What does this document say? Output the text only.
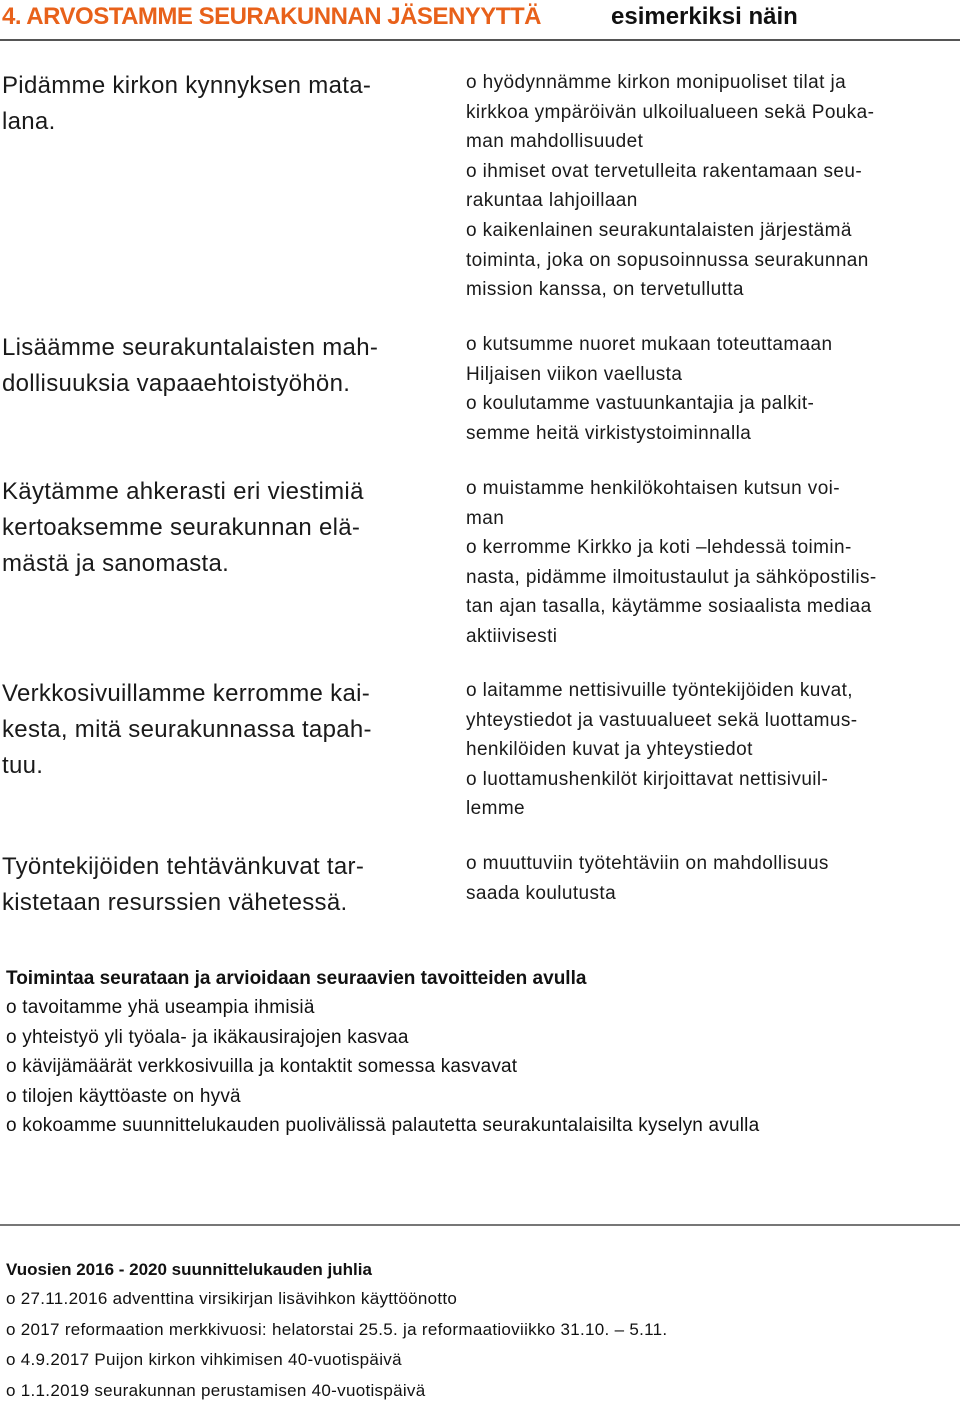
4. ARVOSTAMME SEURAKUNNAN JÄSENYYTTÄ	esimerkiksi näin
Pidämme kirkon kynnyksen mata-
lana.
o hyödynnämme kirkon monipuoliset tilat ja
kirkkoa ympäröivän ulkoilualueen sekä Pouka-
man mahdollisuudet
o ihmiset ovat tervetulleita rakentamaan seu-
rakuntaa lahjoillaan
o kaikenlainen seurakuntalaisten järjestämä
toiminta, joka on sopusoinnussa seurakunnan
mission kanssa, on tervetullutta
Lisäämme seurakuntalaisten mah-
dollisuuksia vapaaehtoistyöhön.
o kutsumme nuoret mukaan toteuttamaan
Hiljaisen viikon vaellusta
o koulutamme vastuunkantajia ja palkit-
semme heitä virkistystoiminnalla
Käytämme ahkerasti eri viestimiä
kertoaksemme seurakunnan elä-
mästä ja sanomasta.
o muistamme henkilökohtaisen kutsun voi-
man
o kerromme Kirkko ja koti –lehdessä toimin-
nasta, pidämme ilmoitustaulut ja sähköpostilis-
tan ajan tasalla, käytämme sosiaalista mediaa
aktiivisesti
Verkkosivuillamme kerromme kai-
kesta, mitä seurakunnassa tapah-
tuu.
o laitamme nettisivuille työntekijöiden kuvat,
yhteystiedot ja vastuualueet sekä luottamus-
henkilöiden kuvat ja yhteystiedot
o luottamushenkilöt kirjoittavat nettisivuil-
lemme
Työntekijöiden tehtävänkuvat tar-
kistetaan resurssien vähetessä.
o muuttuviin työtehtäviin on mahdollisuus
saada koulutusta
Toimintaa seurataan ja arvioidaan seuraavien tavoitteiden avulla
o tavoitamme yhä useampia ihmisiä
o yhteistyö yli työala- ja ikäkausirajojen kasvaa
o kävijämäärät verkkosivuilla ja kontaktit somessa kasvavat
o tilojen käyttöaste on hyvä
o kokoamme suunnittelukauden puolivälissä palautetta seurakuntalaisilta kyselyn avulla
Vuosien 2016 - 2020 suunnittelukauden juhlia
o 27.11.2016 adventtina virsikirjan lisävihkon käyttöönotto
o 2017 reformaation merkkivuosi: helatorstai 25.5. ja reformaatioviikko 31.10. – 5.11.
o 4.9.2017 Puijon kirkon vihkimisen 40-vuotispäivä
o 1.1.2019 seurakunnan perustamisen 40-vuotispäivä
